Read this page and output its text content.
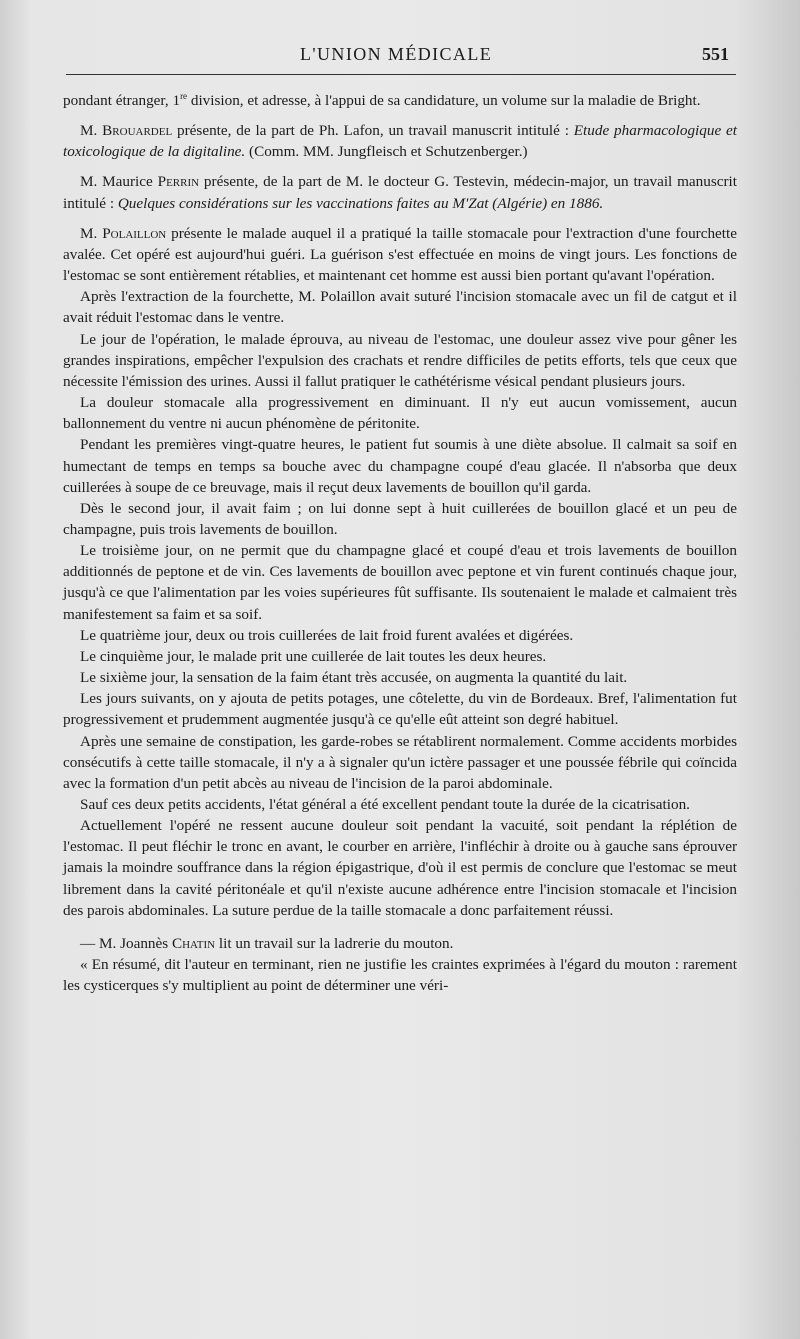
L'UNION MÉDICALE	551

pondant étranger, 1re division, et adresse, à l'appui de sa candidature, un volume sur la maladie de Bright.

M. Brouardel présente, de la part de Ph. Lafon, un travail manuscrit intitulé : Etude pharmacologique et toxicologique de la digitaline. (Comm. MM. Jungfleisch et Schutzenberger.)

M. Maurice Perrin présente, de la part de M. le docteur G. Testevin, médecin-major, un travail manuscrit intitulé : Quelques considérations sur les vaccinations faites au M'Zat (Algérie) en 1886.

M. Polaillon présente le malade auquel il a pratiqué la taille stomacale pour l'extraction d'une fourchette avalée. Cet opéré est aujourd'hui guéri. La guérison s'est effectuée en moins de vingt jours. Les fonctions de l'estomac se sont entièrement rétablies, et maintenant cet homme est aussi bien portant qu'avant l'opération.

Après l'extraction de la fourchette, M. Polaillon avait suturé l'incision stomacale avec un fil de catgut et il avait réduit l'estomac dans le ventre.

Le jour de l'opération, le malade éprouva, au niveau de l'estomac, une douleur assez vive pour gêner les grandes inspirations, empêcher l'expulsion des crachats et rendre difficiles de petits efforts, tels que ceux que nécessite l'émission des urines. Aussi il fallut pratiquer le cathétérisme vésical pendant plusieurs jours.

La douleur stomacale alla progressivement en diminuant. Il n'y eut aucun vomissement, aucun ballonnement du ventre ni aucun phénomène de péritonite.

Pendant les premières vingt-quatre heures, le patient fut soumis à une diète absolue. Il calmait sa soif en humectant de temps en temps sa bouche avec du champagne coupé d'eau glacée. Il n'absorba que deux cuillerées à soupe de ce breuvage, mais il reçut deux lavements de bouillon qu'il garda.

Dès le second jour, il avait faim ; on lui donne sept à huit cuillerées de bouillon glacé et un peu de champagne, puis trois lavements de bouillon.

Le troisième jour, on ne permit que du champagne glacé et coupé d'eau et trois lavements de bouillon additionnés de peptone et de vin. Ces lavements de bouillon avec peptone et vin furent continués chaque jour, jusqu'à ce que l'alimentation par les voies supérieures fût suffisante. Ils soutenaient le malade et calmaient très manifestement sa faim et sa soif.

Le quatrième jour, deux ou trois cuillerées de lait froid furent avalées et digérées.

Le cinquième jour, le malade prit une cuillerée de lait toutes les deux heures.

Le sixième jour, la sensation de la faim étant très accusée, on augmenta la quantité du lait.

Les jours suivants, on y ajouta de petits potages, une côtelette, du vin de Bordeaux. Bref, l'alimentation fut progressivement et prudemment augmentée jusqu'à ce qu'elle eût atteint son degré habituel.

Après une semaine de constipation, les garde-robes se rétablirent normalement. Comme accidents morbides consécutifs à cette taille stomacale, il n'y a à signaler qu'un ictère passager et une poussée fébrile qui coïncida avec la formation d'un petit abcès au niveau de l'incision de la paroi abdominale.

Sauf ces deux petits accidents, l'état général a été excellent pendant toute la durée de la cicatrisation.

Actuellement l'opéré ne ressent aucune douleur soit pendant la vacuité, soit pendant la réplétion de l'estomac. Il peut fléchir le tronc en avant, le courber en arrière, l'infléchir à droite ou à gauche sans éprouver jamais la moindre souffrance dans la région épigastrique, d'où il est permis de conclure que l'estomac se meut librement dans la cavité péritonéale et qu'il n'existe aucune adhérence entre l'incision stomacale et l'incision des parois abdominales. La suture perdue de la taille stomacale a donc parfaitement réussi.

— M. Joannès Chatin lit un travail sur la ladrerie du mouton.

« En résumé, dit l'auteur en terminant, rien ne justifie les craintes exprimées à l'égard du mouton : rarement les cysticerques s'y multiplient au point de déterminer une véri-
